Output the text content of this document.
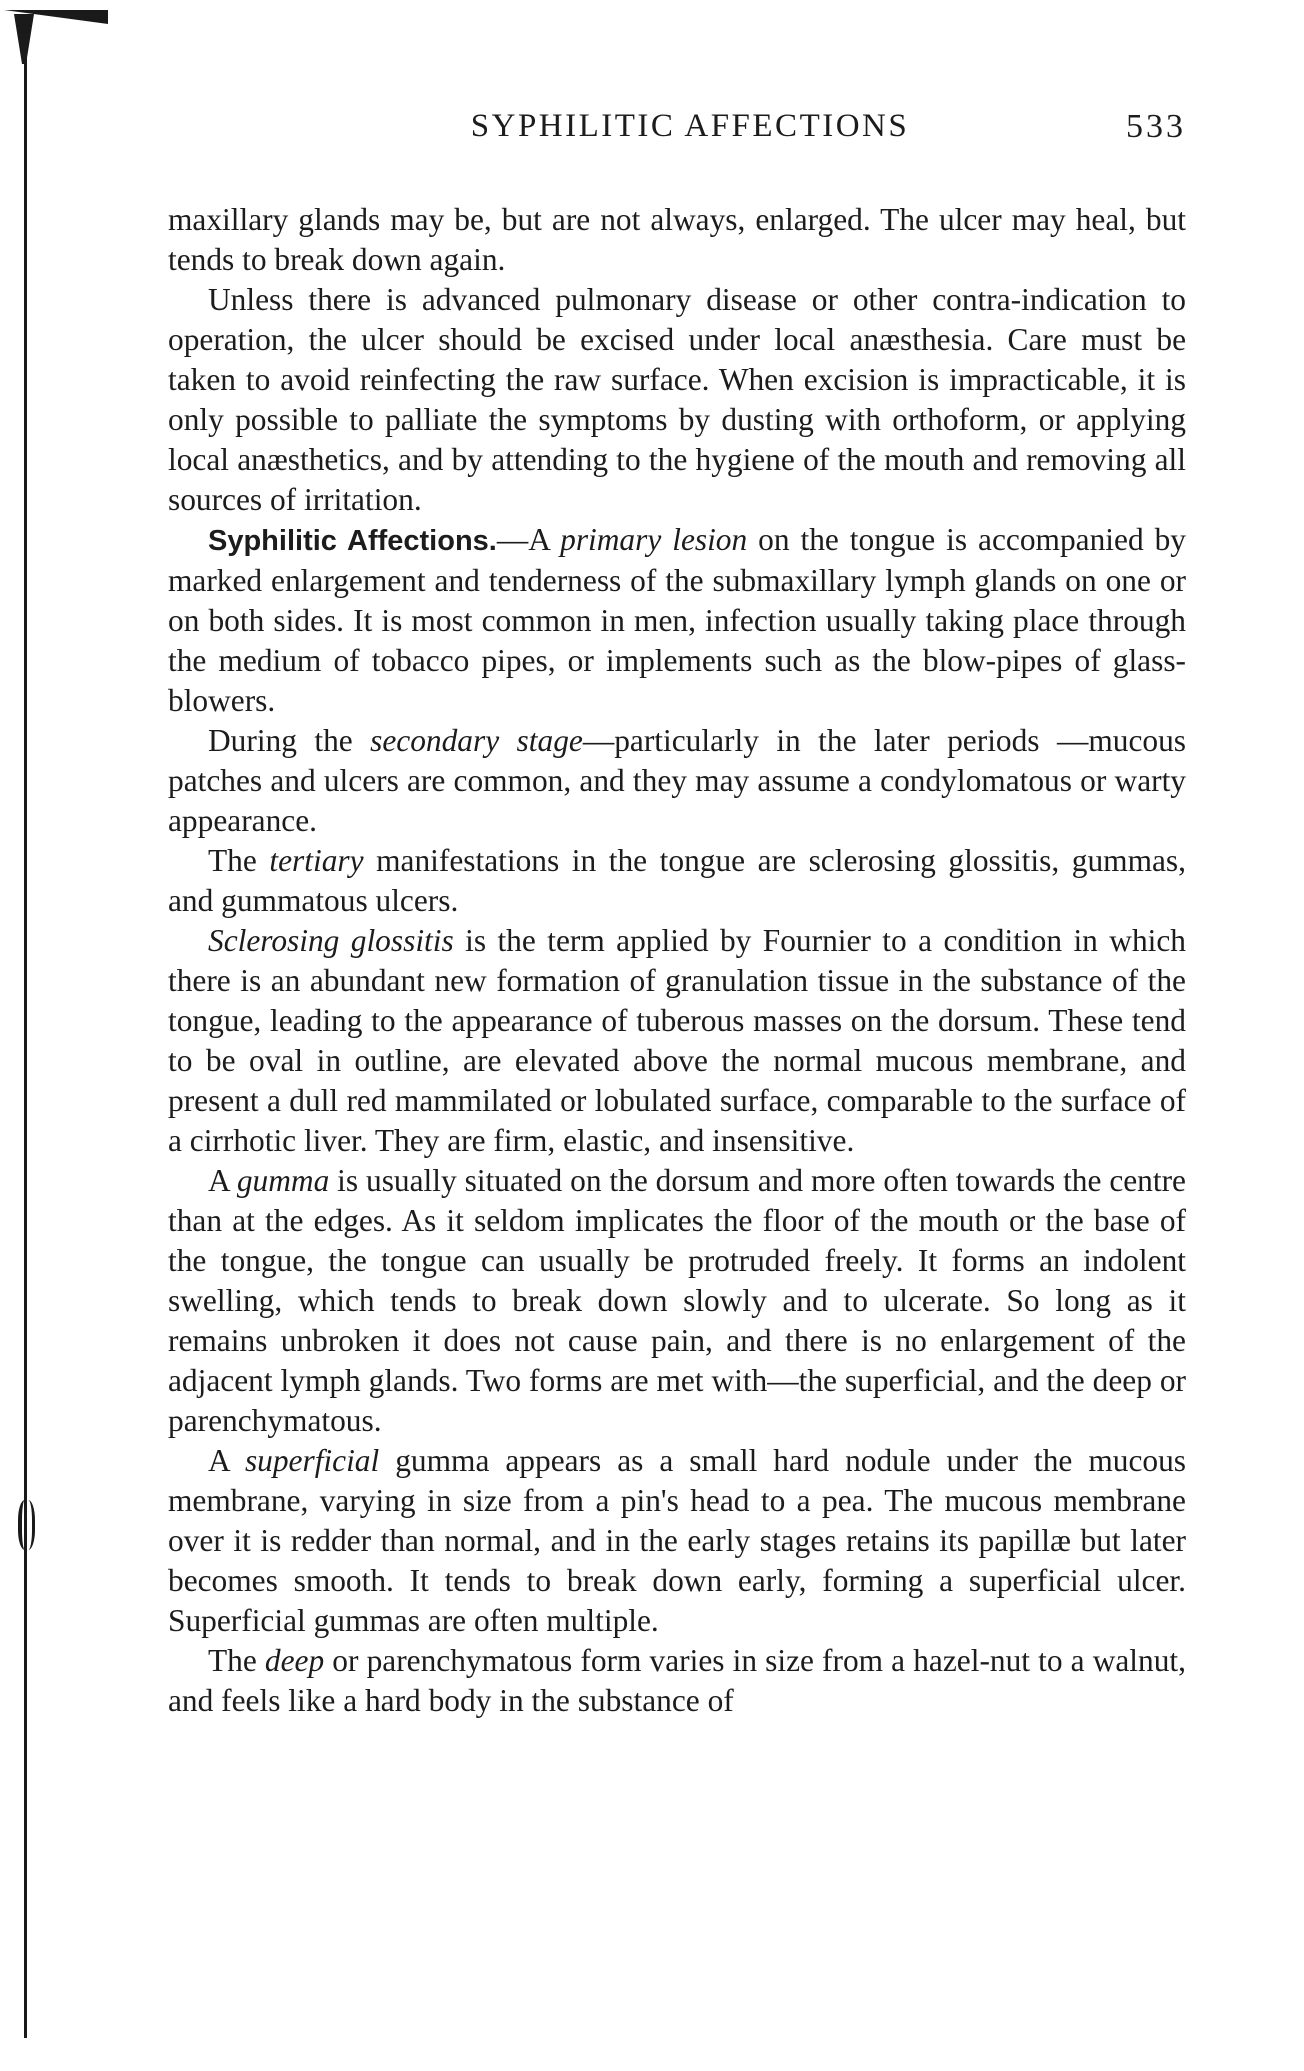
SYPHILITIC AFFECTIONS	533

maxillary glands may be, but are not always, enlarged. The ulcer may heal, but tends to break down again.

Unless there is advanced pulmonary disease or other contra-indication to operation, the ulcer should be excised under local anæsthesia. Care must be taken to avoid reinfecting the raw surface. When excision is impracticable, it is only possible to palliate the symptoms by dusting with orthoform, or applying local anæsthetics, and by attending to the hygiene of the mouth and removing all sources of irritation.

Syphilitic Affections.—A primary lesion on the tongue is accompanied by marked enlargement and tenderness of the submaxillary lymph glands on one or on both sides. It is most common in men, infection usually taking place through the medium of tobacco pipes, or implements such as the blow-pipes of glass-blowers.

During the secondary stage—particularly in the later periods —mucous patches and ulcers are common, and they may assume a condylomatous or warty appearance.

The tertiary manifestations in the tongue are sclerosing glossitis, gummas, and gummatous ulcers.

Sclerosing glossitis is the term applied by Fournier to a condition in which there is an abundant new formation of granulation tissue in the substance of the tongue, leading to the appearance of tuberous masses on the dorsum. These tend to be oval in outline, are elevated above the normal mucous membrane, and present a dull red mammilated or lobulated surface, comparable to the surface of a cirrhotic liver. They are firm, elastic, and insensitive.

A gumma is usually situated on the dorsum and more often towards the centre than at the edges. As it seldom implicates the floor of the mouth or the base of the tongue, the tongue can usually be protruded freely. It forms an indolent swelling, which tends to break down slowly and to ulcerate. So long as it remains unbroken it does not cause pain, and there is no enlargement of the adjacent lymph glands. Two forms are met with—the superficial, and the deep or parenchymatous.

A superficial gumma appears as a small hard nodule under the mucous membrane, varying in size from a pin's head to a pea. The mucous membrane over it is redder than normal, and in the early stages retains its papillæ but later becomes smooth. It tends to break down early, forming a superficial ulcer. Superficial gummas are often multiple.

The deep or parenchymatous form varies in size from a hazel-nut to a walnut, and feels like a hard body in the substance of
